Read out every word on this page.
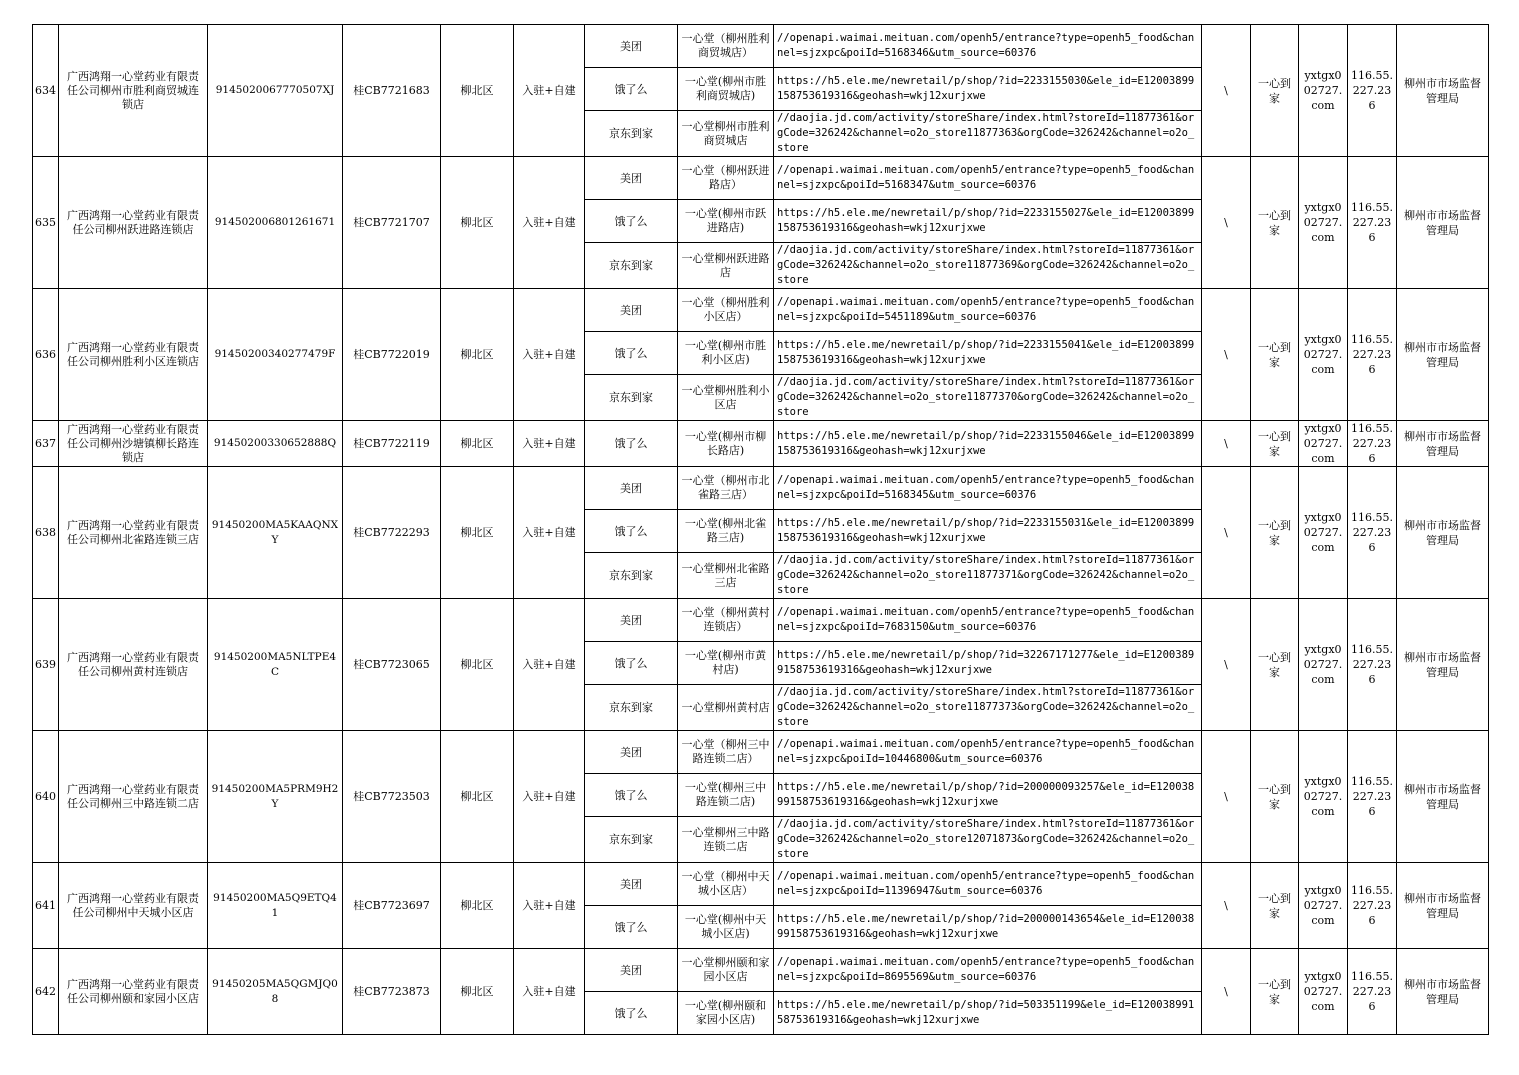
634	广西鸿翔一心堂药业有限责任公司柳州市胜利商贸城连锁店	9145020067770507XJ	桂CB7721683	柳北区	入驻+自建	美团	一心堂（柳州胜利商贸城店）	//openapi.waimai.meituan.com/openh5/entrance?type=openh5_food&channel=sjzxpc&poiId=5168346&utm_source=60376	\	一心到家	yxtgx002727.com	116.55.227.236	柳州市市场监督管理局
						饿了么	一心堂(柳州市胜利商贸城店)	https://h5.ele.me/newretail/p/shop/?id=2233155030&ele_id=E12003899158753619316&geohash=wkj12xurjxwe					
						京东到家	一心堂柳州市胜利商贸城店	//daojia.jd.com/activity/storeShare/index.html?storeId=11877361&orgCode=326242&channel=o2o_store11877363&orgCode=326242&channel=o2o_store					
635	广西鸿翔一心堂药业有限责任公司柳州跃进路连锁店	914502006801261671	桂CB7721707	柳北区	入驻+自建	美团	一心堂（柳州跃进路店）	//openapi.waimai.meituan.com/openh5/entrance?type=openh5_food&channel=sjzxpc&poiId=5168347&utm_source=60376	\	一心到家	yxtgx002727.com	116.55.227.236	柳州市市场监督管理局
						饿了么	一心堂(柳州市跃进路店)	https://h5.ele.me/newretail/p/shop/?id=2233155027&ele_id=E12003899158753619316&geohash=wkj12xurjxwe					
						京东到家	一心堂柳州跃进路店	//daojia.jd.com/activity/storeShare/index.html?storeId=11877361&orgCode=326242&channel=o2o_store11877369&orgCode=326242&channel=o2o_store					
636	广西鸿翔一心堂药业有限责任公司柳州胜利小区连锁店	91450200340277479F	桂CB7722019	柳北区	入驻+自建	美团	一心堂（柳州胜利小区店）	//openapi.waimai.meituan.com/openh5/entrance?type=openh5_food&channel=sjzxpc&poiId=5451189&utm_source=60376	\	一心到家	yxtgx002727.com	116.55.227.236	柳州市市场监督管理局
						饿了么	一心堂(柳州市胜利小区店)	https://h5.ele.me/newretail/p/shop/?id=2233155041&ele_id=E12003899158753619316&geohash=wkj12xurjxwe					
						京东到家	一心堂柳州胜利小区店	//daojia.jd.com/activity/storeShare/index.html?storeId=11877361&orgCode=326242&channel=o2o_store11877370&orgCode=326242&channel=o2o_store					
637	广西鸿翔一心堂药业有限责任公司柳州沙塘镇柳长路连锁店	91450200330652888Q	桂CB7722119	柳北区	入驻+自建	饿了么	一心堂(柳州市柳长路店)	https://h5.ele.me/newretail/p/shop/?id=2233155046&ele_id=E12003899158753619316&geohash=wkj12xurjxwe	\	一心到家	yxtgx002727.com	116.55.227.236	柳州市市场监督管理局
638	广西鸿翔一心堂药业有限责任公司柳州北雀路连锁三店	91450200MA5KAAQNXY	桂CB7722293	柳北区	入驻+自建	美团	一心堂（柳州市北雀路三店）	//openapi.waimai.meituan.com/openh5/entrance?type=openh5_food&channel=sjzxpc&poiId=5168345&utm_source=60376	\	一心到家	yxtgx002727.com	116.55.227.236	柳州市市场监督管理局
						饿了么	一心堂(柳州北雀路三店)	https://h5.ele.me/newretail/p/shop/?id=2233155031&ele_id=E12003899158753619316&geohash=wkj12xurjxwe					
						京东到家	一心堂柳州北雀路三店	//daojia.jd.com/activity/storeShare/index.html?storeId=11877361&orgCode=326242&channel=o2o_store11877371&orgCode=326242&channel=o2o_store					
639	广西鸿翔一心堂药业有限责任公司柳州黄村连锁店	91450200MA5NLTPE4C	桂CB7723065	柳北区	入驻+自建	美团	一心堂（柳州黄村连锁店）	//openapi.waimai.meituan.com/openh5/entrance?type=openh5_food&channel=sjzxpc&poiId=7683150&utm_source=60376	\	一心到家	yxtgx002727.com	116.55.227.236	柳州市市场监督管理局
						饿了么	一心堂(柳州市黄村店)	https://h5.ele.me/newretail/p/shop/?id=32267171277&ele_id=E12003899158753619316&geohash=wkj12xurjxwe					
						京东到家	一心堂柳州黄村店	//daojia.jd.com/activity/storeShare/index.html?storeId=11877361&orgCode=326242&channel=o2o_store11877373&orgCode=326242&channel=o2o_store					
640	广西鸿翔一心堂药业有限责任公司柳州三中路连锁二店	91450200MA5PRM9H2Y	桂CB7723503	柳北区	入驻+自建	美团	一心堂（柳州三中路连锁二店）	//openapi.waimai.meituan.com/openh5/entrance?type=openh5_food&channel=sjzxpc&poiId=10446800&utm_source=60376	\	一心到家	yxtgx002727.com	116.55.227.236	柳州市市场监督管理局
						饿了么	一心堂(柳州三中路连锁二店)	https://h5.ele.me/newretail/p/shop/?id=200000093257&ele_id=E12003899158753619316&geohash=wkj12xurjxwe					
						京东到家	一心堂柳州三中路连锁二店	//daojia.jd.com/activity/storeShare/index.html?storeId=11877361&orgCode=326242&channel=o2o_store12071873&orgCode=326242&channel=o2o_store					
641	广西鸿翔一心堂药业有限责任公司柳州中天城小区店	91450200MA5Q9ETQ41	桂CB7723697	柳北区	入驻+自建	美团	一心堂（柳州中天城小区店）	//openapi.waimai.meituan.com/openh5/entrance?type=openh5_food&channel=sjzxpc&poiId=11396947&utm_source=60376	\	一心到家	yxtgx002727.com	116.55.227.236	柳州市市场监督管理局
						饿了么	一心堂(柳州中天城小区店)	https://h5.ele.me/newretail/p/shop/?id=200000143654&ele_id=E12003899158753619316&geohash=wkj12xurjxwe					
642	广西鸿翔一心堂药业有限责任公司柳州颐和家园小区店	91450205MA5QGMJQ08	桂CB7723873	柳北区	入驻+自建	美团	一心堂柳州颐和家园小区店	//openapi.waimai.meituan.com/openh5/entrance?type=openh5_food&channel=sjzxpc&poiId=8695569&utm_source=60376	\	一心到家	yxtgx002727.com	116.55.227.236	柳州市市场监督管理局
						饿了么	一心堂(柳州颐和家园小区店)	https://h5.ele.me/newretail/p/shop/?id=503351199&ele_id=E12003899158753619316&geohash=wkj12xurjxwe					
